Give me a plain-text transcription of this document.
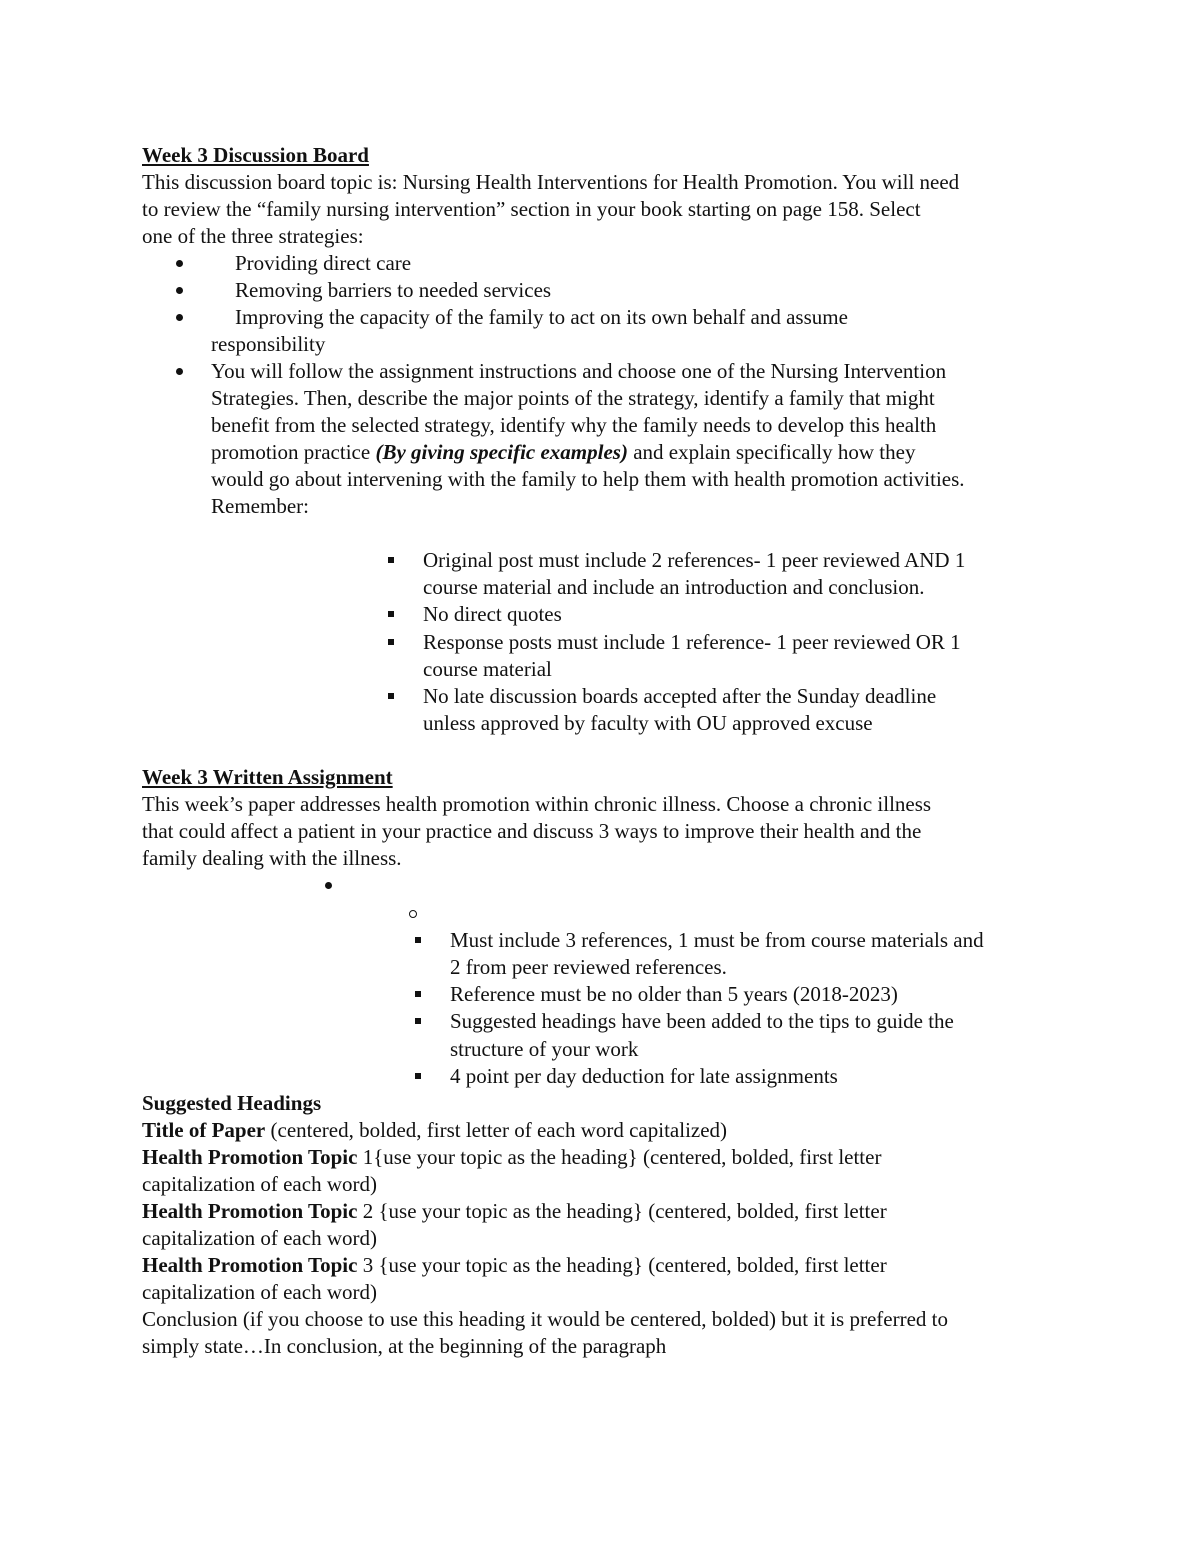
Week 3 Discussion Board
This discussion board topic is: Nursing Health Interventions for Health Promotion. You will need
to review the “family nursing intervention” section in your book starting on page 158. Select
one of the three strategies:
Providing direct care
Removing barriers to needed services
Improving the capacity of the family to act on its own behalf and assume
responsibility
You will follow the assignment instructions and choose one of the Nursing Intervention
Strategies. Then, describe the major points of the strategy, identify a family that might
benefit from the selected strategy, identify why the family needs to develop this health
promotion practice (By giving specific examples) and explain specifically how they
would go about intervening with the family to help them with health promotion activities.
Remember:
Original post must include 2 references- 1 peer reviewed AND 1
course material and include an introduction and conclusion.
No direct quotes
Response posts must include 1 reference- 1 peer reviewed OR 1
course material
No late discussion boards accepted after the Sunday deadline
unless approved by faculty with OU approved excuse
Week 3 Written Assignment
This week’s paper addresses health promotion within chronic illness. Choose a chronic illness
that could affect a patient in your practice and discuss 3 ways to improve their health and the
family dealing with the illness.
Must include 3 references, 1 must be from course materials and
2 from peer reviewed references.
Reference must be no older than 5 years (2018-2023)
Suggested headings have been added to the tips to guide the
structure of your work
4 point per day deduction for late assignments
Suggested Headings
Title of Paper (centered, bolded, first letter of each word capitalized)
Health Promotion Topic 1{use your topic as the heading} (centered, bolded, first letter
capitalization of each word)
Health Promotion Topic 2 {use your topic as the heading} (centered, bolded, first letter
capitalization of each word)
Health Promotion Topic 3 {use your topic as the heading} (centered, bolded, first letter
capitalization of each word)
Conclusion (if you choose to use this heading it would be centered, bolded) but it is preferred to
simply state…In conclusion, at the beginning of the paragraph
